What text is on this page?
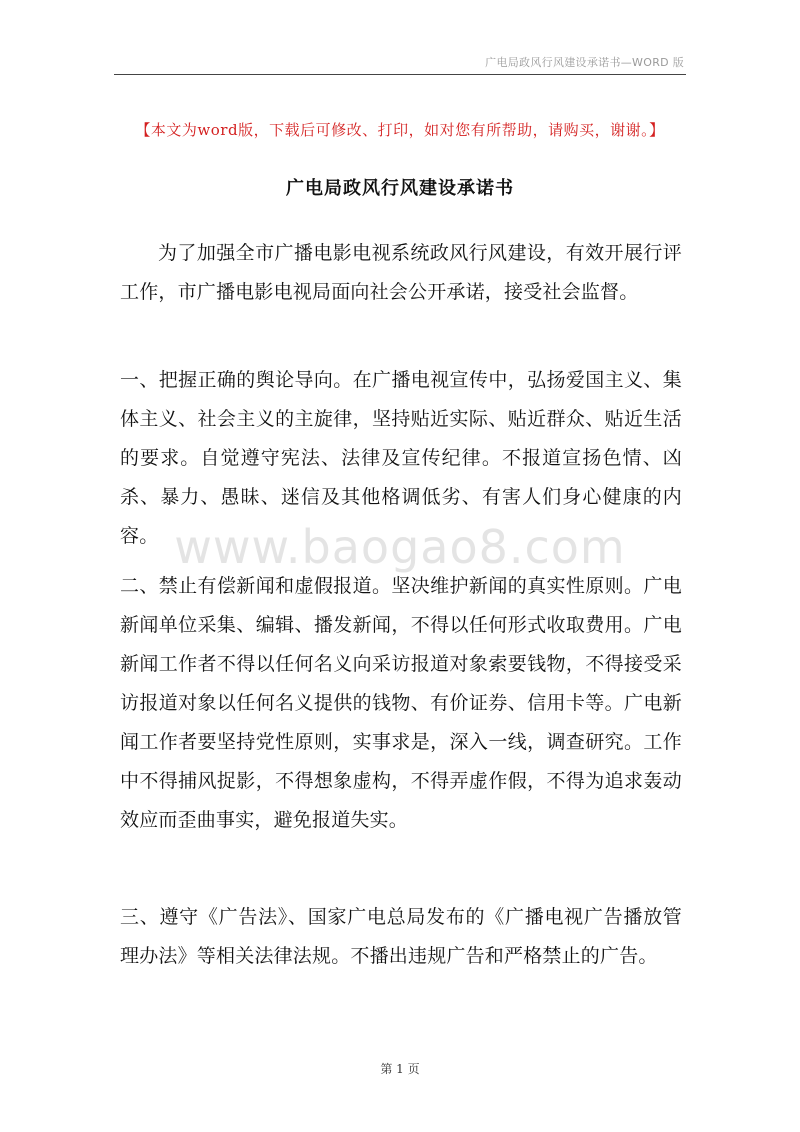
广电局政风行风建设承诺书—WORD 版
【本文为word版，下载后可修改、打印，如对您有所帮助，请购买，谢谢。】
广电局政风行风建设承诺书
为了加强全市广播电影电视系统政风行风建设，有效开展行评工作，市广播电影电视局面向社会公开承诺，接受社会监督。
一、把握正确的舆论导向。在广播电视宣传中，弘扬爱国主义、集体主义、社会主义的主旋律，坚持贴近实际、贴近群众、贴近生活的要求。自觉遵守宪法、法律及宣传纪律。不报道宣扬色情、凶杀、暴力、愚昧、迷信及其他格调低劣、有害人们身心健康的内容。 www.baogao8.com
二、禁止有偿新闻和虚假报道。坚决维护新闻的真实性原则。广电新闻单位采集、编辑、播发新闻，不得以任何形式收取费用。广电新闻工作者不得以任何名义向采访报道对象索要钱物，不得接受采访报道对象以任何名义提供的钱物、有价证券、信用卡等。广电新闻工作者要坚持党性原则，实事求是，深入一线，调查研究。工作中不得捕风捉影，不得想象虚构，不得弄虚作假，不得为追求轰动效应而歪曲事实，避免报道失实。
三、遵守《广告法》、国家广电总局发布的《广播电视广告播放管理办法》等相关法律法规。不播出违规广告和严格禁止的广告。
第 1 页
